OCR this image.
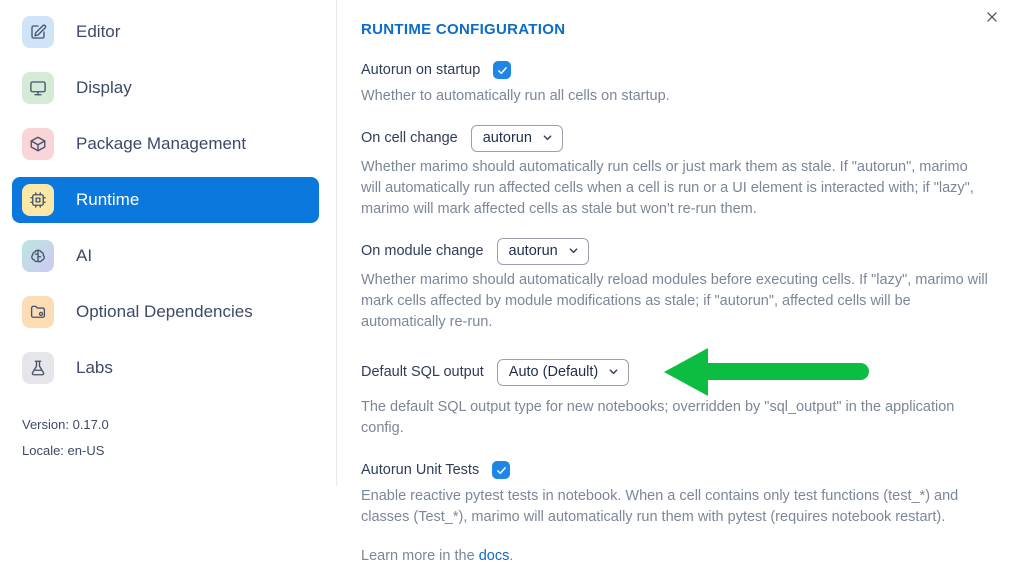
Editor
Display
Package Management
Runtime
AI
Optional Dependencies
Labs
Version: 0.17.0
Locale: en-US
RUNTIME CONFIGURATION
Autorun on startup
Whether to automatically run all cells on startup.
On cell change autorun
Whether marimo should automatically run cells or just mark them as stale. If "autorun", marimo will automatically run affected cells when a cell is run or a UI element is interacted with; if "lazy", marimo will mark affected cells as stale but won't re-run them.
On module change autorun
Whether marimo should automatically reload modules before executing cells. If "lazy", marimo will mark cells affected by module modifications as stale; if "autorun", affected cells will be automatically re-run.
Default SQL output Auto (Default)
The default SQL output type for new notebooks; overridden by "sql_output" in the application config.
Autorun Unit Tests
Enable reactive pytest tests in notebook. When a cell contains only test functions (test_*) and classes (Test_*), marimo will automatically run them with pytest (requires notebook restart).
Learn more in the docs.
